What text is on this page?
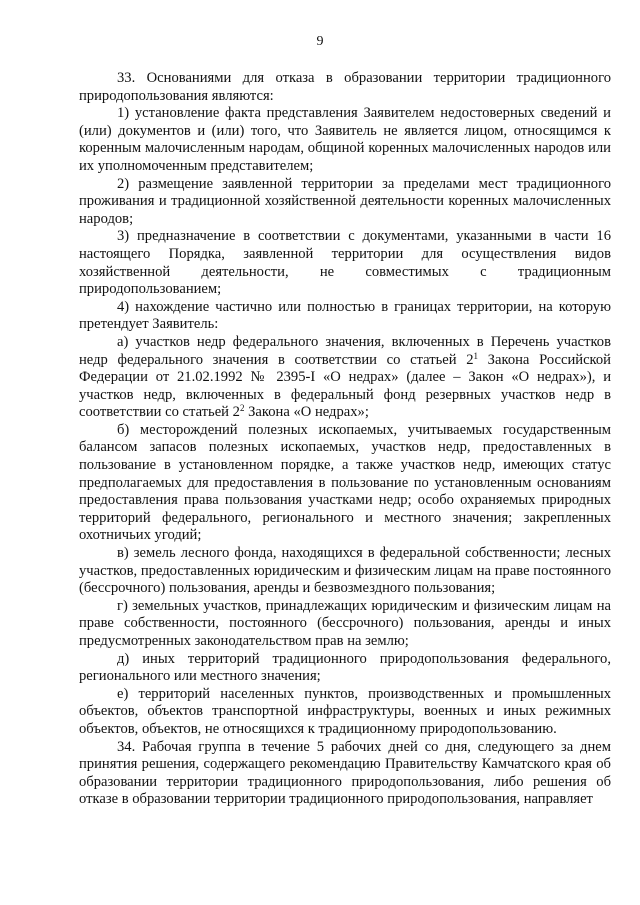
9

33. Основаниями для отказа в образовании территории традиционного природопользования являются:

1) установление факта представления Заявителем недостоверных сведений и (или) документов и (или) того, что Заявитель не является лицом, относящимся к коренным малочисленным народам, общиной коренных малочисленных народов или их уполномоченным представителем;

2) размещение заявленной территории за пределами мест традиционного проживания и традиционной хозяйственной деятельности коренных малочисленных народов;

3) предназначение в соответствии с документами, указанными в части 16 настоящего Порядка, заявленной территории для осуществления видов хозяйственной деятельности, не совместимых с традиционным природопользованием;

4) нахождение частично или полностью в границах территории, на которую претендует Заявитель:

а) участков недр федерального значения, включенных в Перечень участков недр федерального значения в соответствии со статьей $2^1$ Закона Российской Федерации от 21.02.1992 № 2395-I «О недрах» (далее – Закон «О недрах»), и участков недр, включенных в федеральный фонд резервных участков недр в соответствии со статьей $2^2$ Закона «О недрах»;

б) месторождений полезных ископаемых, учитываемых государственным балансом запасов полезных ископаемых, участков недр, предоставленных в пользование в установленном порядке, а также участков недр, имеющих статус предполагаемых для предоставления в пользование по установленным основаниям предоставления права пользования участками недр; особо охраняемых природных территорий федерального, регионального и местного значения; закрепленных охотничьих угодий;

в) земель лесного фонда, находящихся в федеральной собственности; лесных участков, предоставленных юридическим и физическим лицам на праве постоянного (бессрочного) пользования, аренды и безвозмездного пользования;

г) земельных участков, принадлежащих юридическим и физическим лицам на праве собственности, постоянного (бессрочного) пользования, аренды и иных предусмотренных законодательством прав на землю;

д) иных территорий традиционного природопользования федерального, регионального или местного значения;

е) территорий населенных пунктов, производственных и промышленных объектов, объектов транспортной инфраструктуры, военных и иных режимных объектов, объектов, не относящихся к традиционному природопользованию.

34. Рабочая группа в течение 5 рабочих дней со дня, следующего за днем принятия решения, содержащего рекомендацию Правительству Камчатского края об образовании территории традиционного природопользования, либо решения об отказе в образовании территории традиционного природопользования, направляет
